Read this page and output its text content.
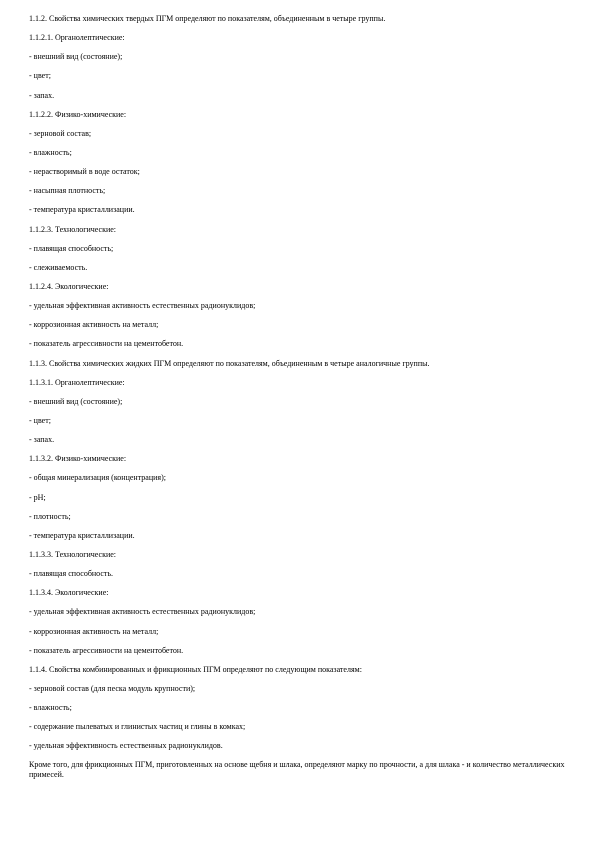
1.1.2. Свойства химических твердых ПГМ определяют по показателям, объединенным в четыре группы.
1.1.2.1. Органолептические:
- внешний вид (состояние);
- цвет;
- запах.
1.1.2.2. Физико-химические:
- зерновой состав;
- влажность;
- нерастворимый в воде остаток;
- насыпная плотность;
- температура кристаллизации.
1.1.2.3. Технологические:
- плавящая способность;
- слеживаемость.
1.1.2.4. Экологические:
- удельная эффективная активность естественных радионуклидов;
- коррозионная активность на металл;
- показатель агрессивности на цементобетон.
1.1.3. Свойства химических жидких ПГМ определяют по показателям, объединенным в четыре аналогичные группы.
1.1.3.1. Органолептические:
- внешний вид (состояние);
- цвет;
- запах.
1.1.3.2. Физико-химические:
- общая минерализация (концентрация);
- рН;
- плотность;
- температура кристаллизации.
1.1.3.3. Технологические:
- плавящая способность.
1.1.3.4. Экологические:
- удельная эффективная активность естественных радионуклидов;
- коррозионная активность на металл;
- показатель агрессивности на цементобетон.
1.1.4. Свойства комбинированных и фрикционных ПГМ определяют по следующим показателям:
- зерновой состав (для песка модуль крупности);
- влажность;
- содержание пылеватых и глинистых частиц и глины в комках;
- удельная эффективность естественных радионуклидов.
Кроме того, для фрикционных ПГМ, приготовленных на основе щебня и шлака, определяют марку по прочности, а для шлака - и количество металлических примесей.
